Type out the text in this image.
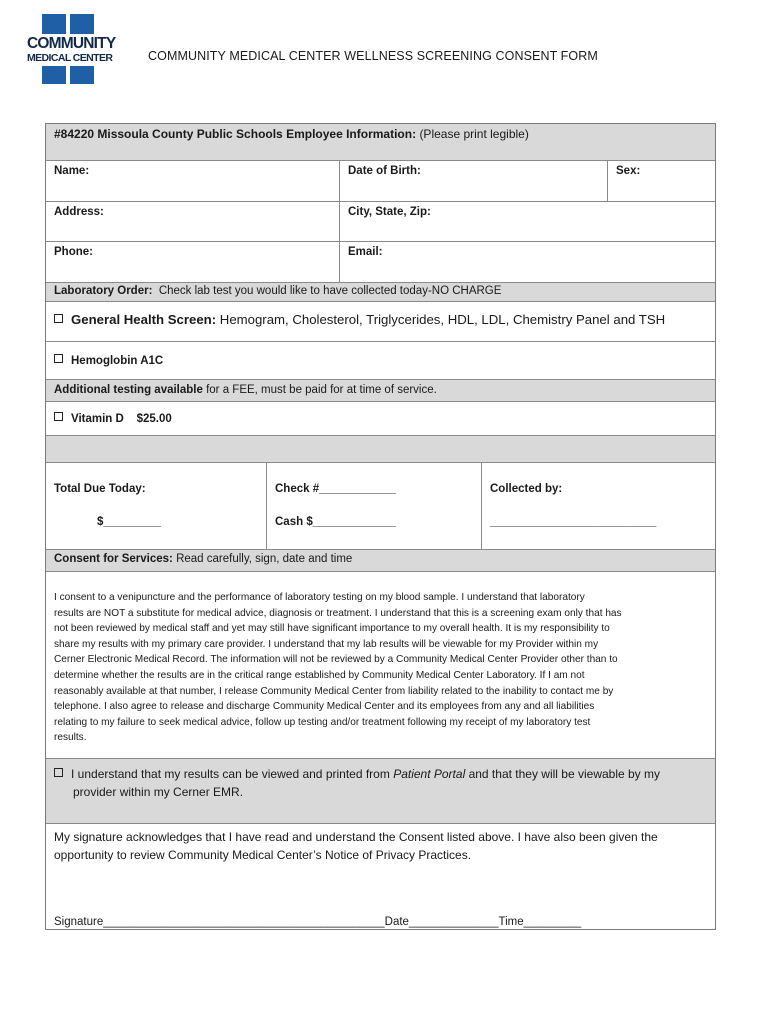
COMMUNITY
MEDICAL CENTER	COMMUNITY MEDICAL CENTER WELLNESS SCREENING CONSENT FORM
#84220 Missoula County Public Schools Employee Information: (Please print legible)
Name:	Date of Birth:	Sex:
Address:	City, State, Zip:
Phone:	Email:
Laboratory Order: Check lab test you would like to have collected today-NO CHARGE
General Health Screen: Hemogram, Cholesterol, Triglycerides, HDL, LDL, Chemistry Panel and TSH
Hemoglobin A1C
Additional testing available for a FEE, must be paid for at time of service.
Vitamin D $25.00
Total Due Today:
$_________
Check #____________
Cash $_____________
Collected by:
__________________________
Consent for Services: Read carefully, sign, date and time
I consent to a venipuncture and the performance of laboratory testing on my blood sample. I understand that laboratory
results are NOT a substitute for medical advice, diagnosis or treatment. I understand that this is a screening exam only that has
not been reviewed by medical staff and yet may still have significant importance to my overall health. It is my responsibility to
share my results with my primary care provider. I understand that my lab results will be viewable for my Provider within my
Cerner Electronic Medical Record. The information will not be reviewed by a Community Medical Center Provider other than to
determine whether the results are in the critical range established by Community Medical Center Laboratory. If I am not
reasonably available at that number, I release Community Medical Center from liability related to the inability to contact me by
telephone. I also agree to release and discharge Community Medical Center and its employees from any and all liabilities
relating to my failure to seek medical advice, follow up testing and/or treatment following my receipt of my laboratory test
results.
I understand that my results can be viewed and printed from Patient Portal and that they will be viewable by my
provider within my Cerner EMR.
My signature acknowledges that I have read and understand the Consent listed above. I have also been given the
opportunity to review Community Medical Center’s Notice of Privacy Practices.
Signature____________________________________________Date______________Time_________
